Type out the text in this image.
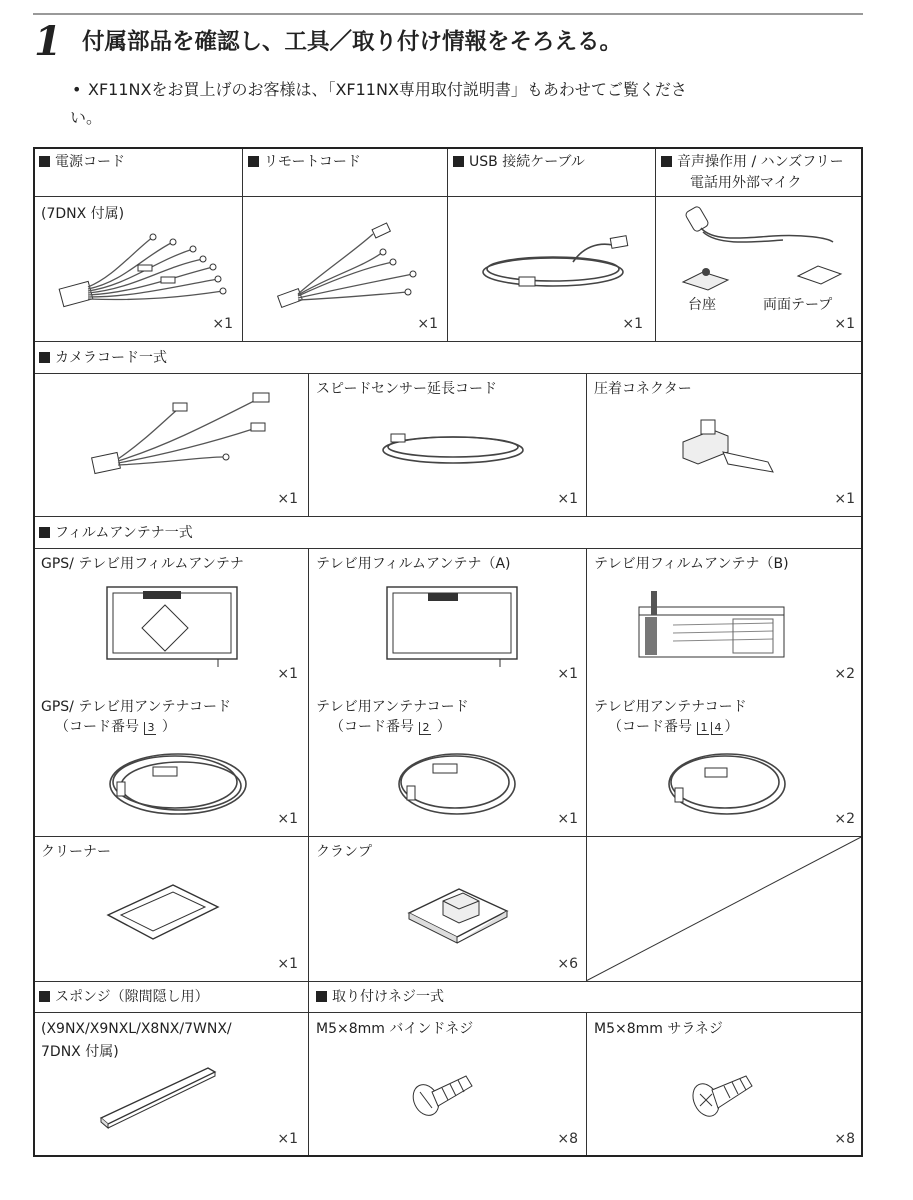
1 付属部品を確認し、工具／取り付け情報をそろえる。
• XF11NXをお買上げのお客様は、「XF11NX専用取付説明書」もあわせてご覧くださ
い。
電源コード
(7DNX 付属)
×1
リモートコード
×1
USB 接続ケーブル
×1
音声操作用 / ハンズフリー
電話用外部マイク
台座	両面テープ
×1
カメラコード一式
×1
スピードセンサー延長コード
×1
圧着コネクター
×1
フィルムアンテナ一式
GPS/ テレビ用フィルムアンテナ
×1
テレビ用フィルムアンテナ（A)
×1
テレビ用フィルムアンテナ（B)
×2
GPS/ テレビ用アンテナコード
（コード番号 3 ）
×1
テレビ用アンテナコード
（コード番号 2 ）
×1
テレビ用アンテナコード
（コード番号 1 4 ）
×2
クリーナー
×1
クランプ
×6
スポンジ（隙間隠し用）	取り付けネジ一式
(X9NX/X9NXL/X8NX/7WNX/
7DNX 付属)
×1
M5×8mm バインドネジ
×8
M5×8mm サラネジ
×8
